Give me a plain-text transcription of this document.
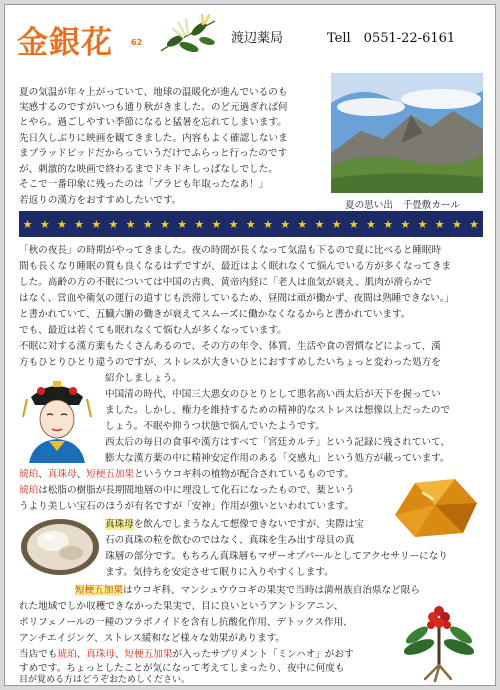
金銀花 62	渡辺薬局	Tell　0551-22-6161

夏の気温が年々上がっていて、地球の温暖化が進んでいるのも

実感するのですがいつも通り秋がきました。のど元過ぎれば何

とやら。過ごしやすい季節になると猛暑を忘れてしまいます。

先日久しぶりに映画を観てきました。内容もよく確認しないま

まブラッドピッドだからっていうだけでふらっと行ったのです

が、刺激的な映画で終わるまでドキドキしっぱなしでした。

そこで一番印象に残ったのは「ブラピも年取ったなあ！」

若返りの漢方をおすすめしたいです。	夏の思い出　千畳敷カール
★ ★ ★ ★ ★ ★ ★ ★ ★ ★ ★ ★ ★ ★ ★ ★ ★ ★ ★ ★ ★ ★ ★ ★ ★ ★ ★

「秋の夜長」の時期がやってきました。夜の時間が長くなって気温も下るので夏に比べると睡眠時

間も長くなり睡眠の質も良くなるはずですが、最近はよく眠れなくて悩んでいる方が多くなってきま

した。高齢の方の不眠については中国の古典、黄帝内経に「老人は血気が衰え、肌肉が滑らかで

はなく、営血や衛気の運行の道すじも渋滞しているため、昼間は頑が働かず、夜間は熟睡できない。」

と書かれていて、五臓六腑の働きが衰えてスムーズに働かなくなるからと書かれています。

でも、最近は若くても眠れなくて悩む人が多くなっています。

不眠に対する漢方薬もたくさんあるので、その方の年令、体質、生活や食の習慣などによって、漢

方もひとりひとり違うのですが、ストレスが大きいひとにおすすめしたいちょっと変わった処方を

紹介しましょう。

中国清の時代、中国三大悪女のひとりとして悪名高い西太后が天下を握ってい

ました。しかし、権力を維持するための精神的なストレスは想像以上だったので

しょう。不眠や抑うつ状態で悩んでいたようです。

西太后の毎日の食事や漢方はすべて「宮廷カルテ」という記録に残されていて、

膨大な漢方薬の中に精神安定作用のある「交感丸」という処方が載っています。

琥珀、真珠母、短梗五加果というウコギ科の植物が配合されているものです。

琥珀は松脂の樹脂が長期間地層の中に埋没して化石になったもので、薬という

うより美しい宝石のほうが有名ですが「安神」作用が強いといわれています。

真珠母を飲んでしまうなんて想像できないですが、実際は宝

石の真珠の粒を飲むのではなく、真珠を生み出す母貝の真

珠層の部分です。もちろん真珠層もマザーオブパールとしてアクセサリーになり

ます。気持ちを安定させて眠りに入りやすくします。

短梗五加果はウコギ科、マンシュウウコギの果実で当時は満州族自治県など限ら

れた地域でしか収穫できなかった果実で、目に良いというアントシアニン、

ポリフェノールの一種のフラボノイドを含有し抗酸化作用、デトックス作用、

アンチエイジング、ストレス緩和など様々な効果があります。

当店でも琥珀、真珠母、短梗五加果が入ったサプリメント「ミンハオ」がおす

すめです。ちょっとしたことが気になって考えてしまったり、夜中に何度も

目が覚める方はどうぞおためしください。
